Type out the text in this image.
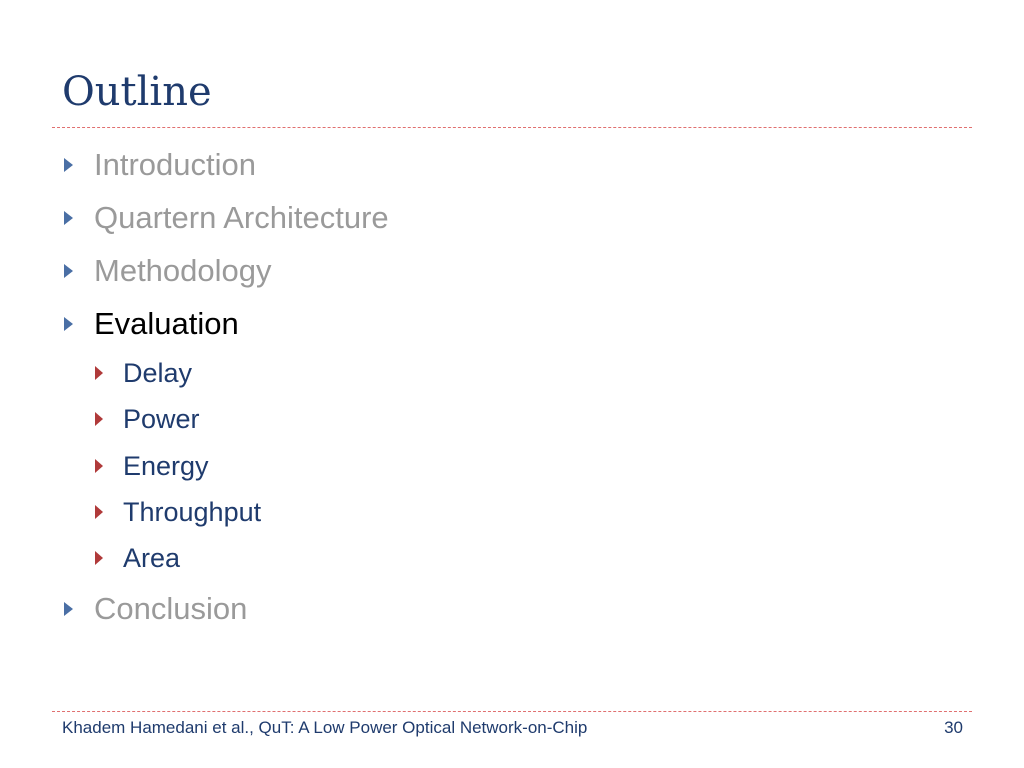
Outline
Introduction
Quartern Architecture
Methodology
Evaluation
Delay
Power
Energy
Throughput
Area
Conclusion
Khadem Hamedani et al., QuT: A Low Power Optical Network-on-Chip	30
